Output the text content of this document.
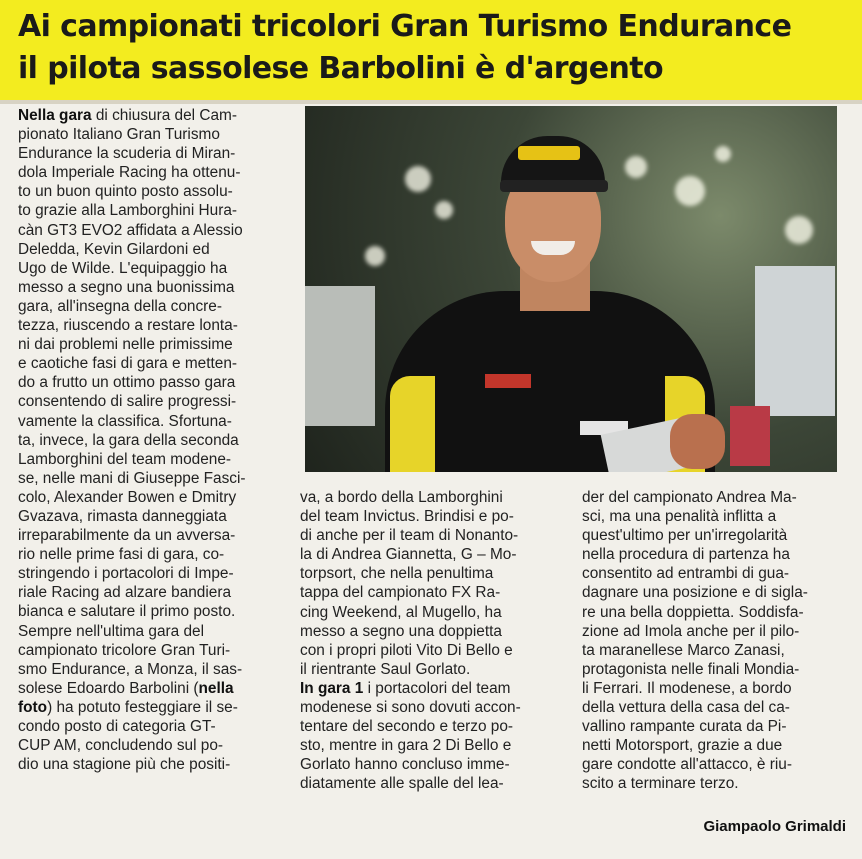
Ai campionati tricolori Gran Turismo Endurance
il pilota sassolese Barbolini è d'argento
Nella gara di chiusura del Cam-
pionato Italiano Gran Turismo
Endurance la scuderia di Miran-
dola Imperiale Racing ha ottenu-
to un buon quinto posto assolu-
to grazie alla Lamborghini Hura-
càn GT3 EVO2 affidata a Alessio
Deledda, Kevin Gilardoni ed
Ugo de Wilde. L'equipaggio ha
messo a segno una buonissima
gara, all'insegna della concre-
tezza, riuscendo a restare lonta-
ni dai problemi nelle primissime
e caotiche fasi di gara e metten-
do a frutto un ottimo passo gara
consentendo di salire progressi-
vamente la classifica. Sfortuna-
ta, invece, la gara della seconda
Lamborghini del team modene-
se, nelle mani di Giuseppe Fasci-
colo, Alexander Bowen e Dmitry
Gvazava, rimasta danneggiata
irreparabilmente da un avversa-
rio nelle prime fasi di gara, co-
stringendo i portacolori di Impe-
riale Racing ad alzare bandiera
bianca e salutare il primo posto.
Sempre nell'ultima gara del
campionato tricolore Gran Turi-
smo Endurance, a Monza, il sas-
solese Edoardo Barbolini (nella
foto) ha potuto festeggiare il se-
condo posto di categoria GT-
CUP AM, concludendo sul po-
dio una stagione più che positi-
va, a bordo della Lamborghini
del team Invictus. Brindisi e po-
di anche per il team di Nonanto-
la di Andrea Giannetta, G – Mo-
torpsort, che nella penultima
tappa del campionato FX Ra-
cing Weekend, al Mugello, ha
messo a segno una doppietta
con i propri piloti Vito Di Bello e
il rientrante Saul Gorlato.
In gara 1 i portacolori del team
modenese si sono dovuti accon-
tentare del secondo e terzo po-
sto, mentre in gara 2 Di Bello e
Gorlato hanno concluso imme-
diatamente alle spalle del lea-
der del campionato Andrea Ma-
sci, ma una penalità inflitta a
quest'ultimo per un'irregolarità
nella procedura di partenza ha
consentito ad entrambi di gua-
dagnare una posizione e di sigla-
re una bella doppietta. Soddisfa-
zione ad Imola anche per il pilo-
ta maranellese Marco Zanasi,
protagonista nelle finali Mondia-
li Ferrari. Il modenese, a bordo
della vettura della casa del ca-
vallino rampante curata da Pi-
netti Motorsport, grazie a due
gare condotte all'attacco, è riu-
scito a terminare terzo.
Giampaolo Grimaldi
